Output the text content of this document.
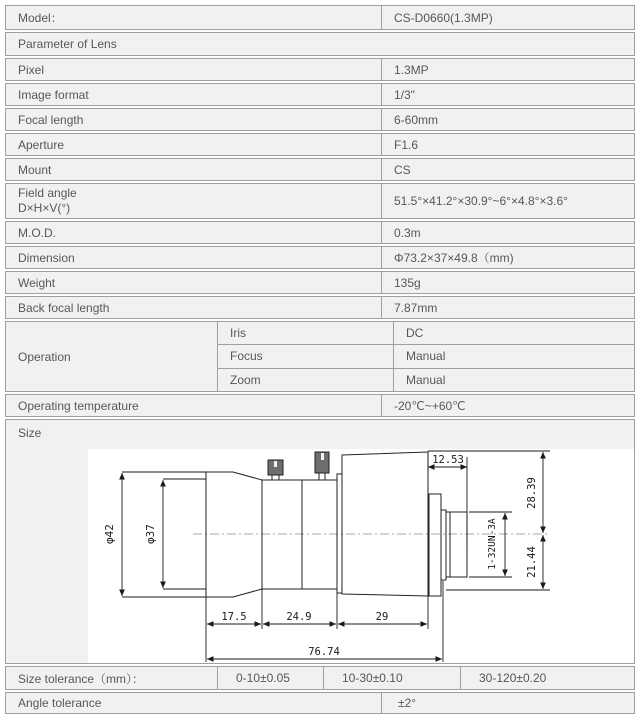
Model：	CS-D0660(1.3MP)
Parameter of Lens
Pixel	1.3MP
Image format	1/3"
Focal length	6-60mm
Aperture	F1.6
Mount	CS
Field angle
D×H×V(°)	51.5°×41.2°×30.9°~6°×4.8°×3.6°
M.O.D.	0.3m
Dimension	Φ73.2×37×49.8（mm)
Weight	135g
Back focal length	7.87mm
Operation
Iris	DC
Focus	Manual
Zoom	Manual
Operating temperature	-20℃~+60℃
Size
φ42	φ37
12.53
28.39
1-32UN-3A	21.44
17.5	24.9	29
76.74
Size tolerance（mm）：	0-10±0.05	10-30±0.10	30-120±0.20
Angle tolerance	±2°
